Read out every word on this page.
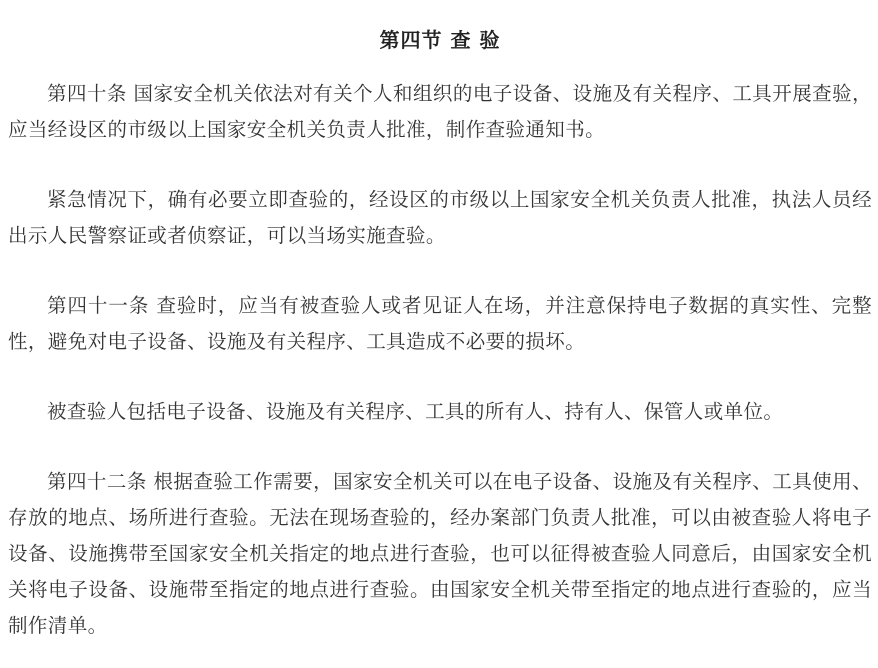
第四节 查 验

第四十条 国家安全机关依法对有关个人和组织的电子设备、设施及有关程序、工具开展查验，应当经设区的市级以上国家安全机关负责人批准，制作查验通知书。

紧急情况下，确有必要立即查验的，经设区的市级以上国家安全机关负责人批准，执法人员经出示人民警察证或者侦察证，可以当场实施查验。

第四十一条 查验时，应当有被查验人或者见证人在场，并注意保持电子数据的真实性、完整性，避免对电子设备、设施及有关程序、工具造成不必要的损坏。

被查验人包括电子设备、设施及有关程序、工具的所有人、持有人、保管人或单位。

第四十二条 根据查验工作需要，国家安全机关可以在电子设备、设施及有关程序、工具使用、存放的地点、场所进行查验。无法在现场查验的，经办案部门负责人批准，可以由被查验人将电子设备、设施携带至国家安全机关指定的地点进行查验，也可以征得被查验人同意后，由国家安全机关将电子设备、设施带至指定的地点进行查验。由国家安全机关带至指定的地点进行查验的，应当制作清单。
